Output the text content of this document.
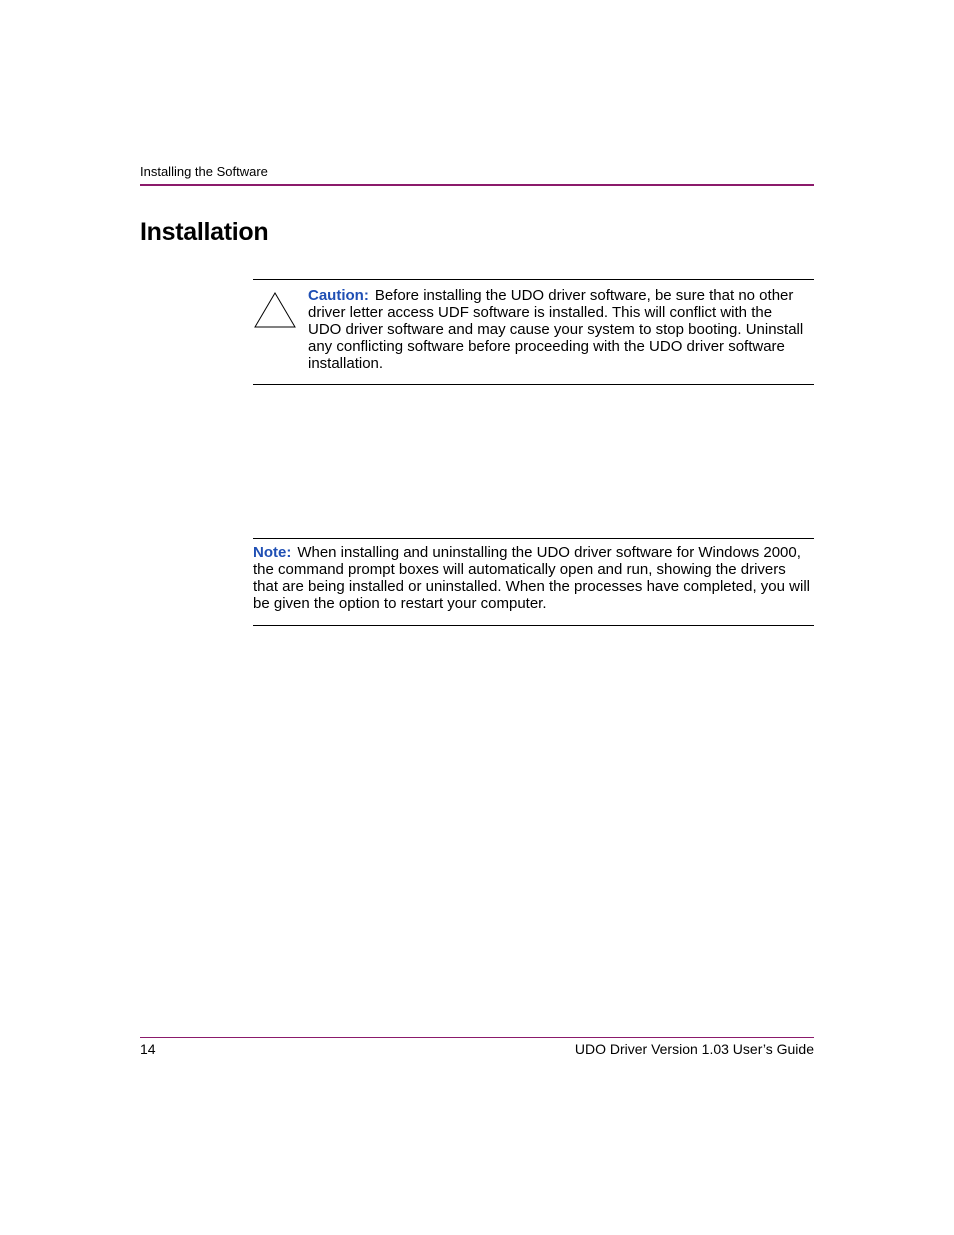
Installing the Software
Installation

Caution: Before installing the UDO driver software, be sure that no other driver letter access UDF software is installed. This will conflict with the UDO driver software and may cause your system to stop booting. Uninstall any conflicting software before proceeding with the UDO driver software installation.

Note: When installing and uninstalling the UDO driver software for Windows 2000, the command prompt boxes will automatically open and run, showing the drivers that are being installed or uninstalled. When the processes have completed, you will be given the option to restart your computer.

14	UDO Driver Version 1.03 User’s Guide
